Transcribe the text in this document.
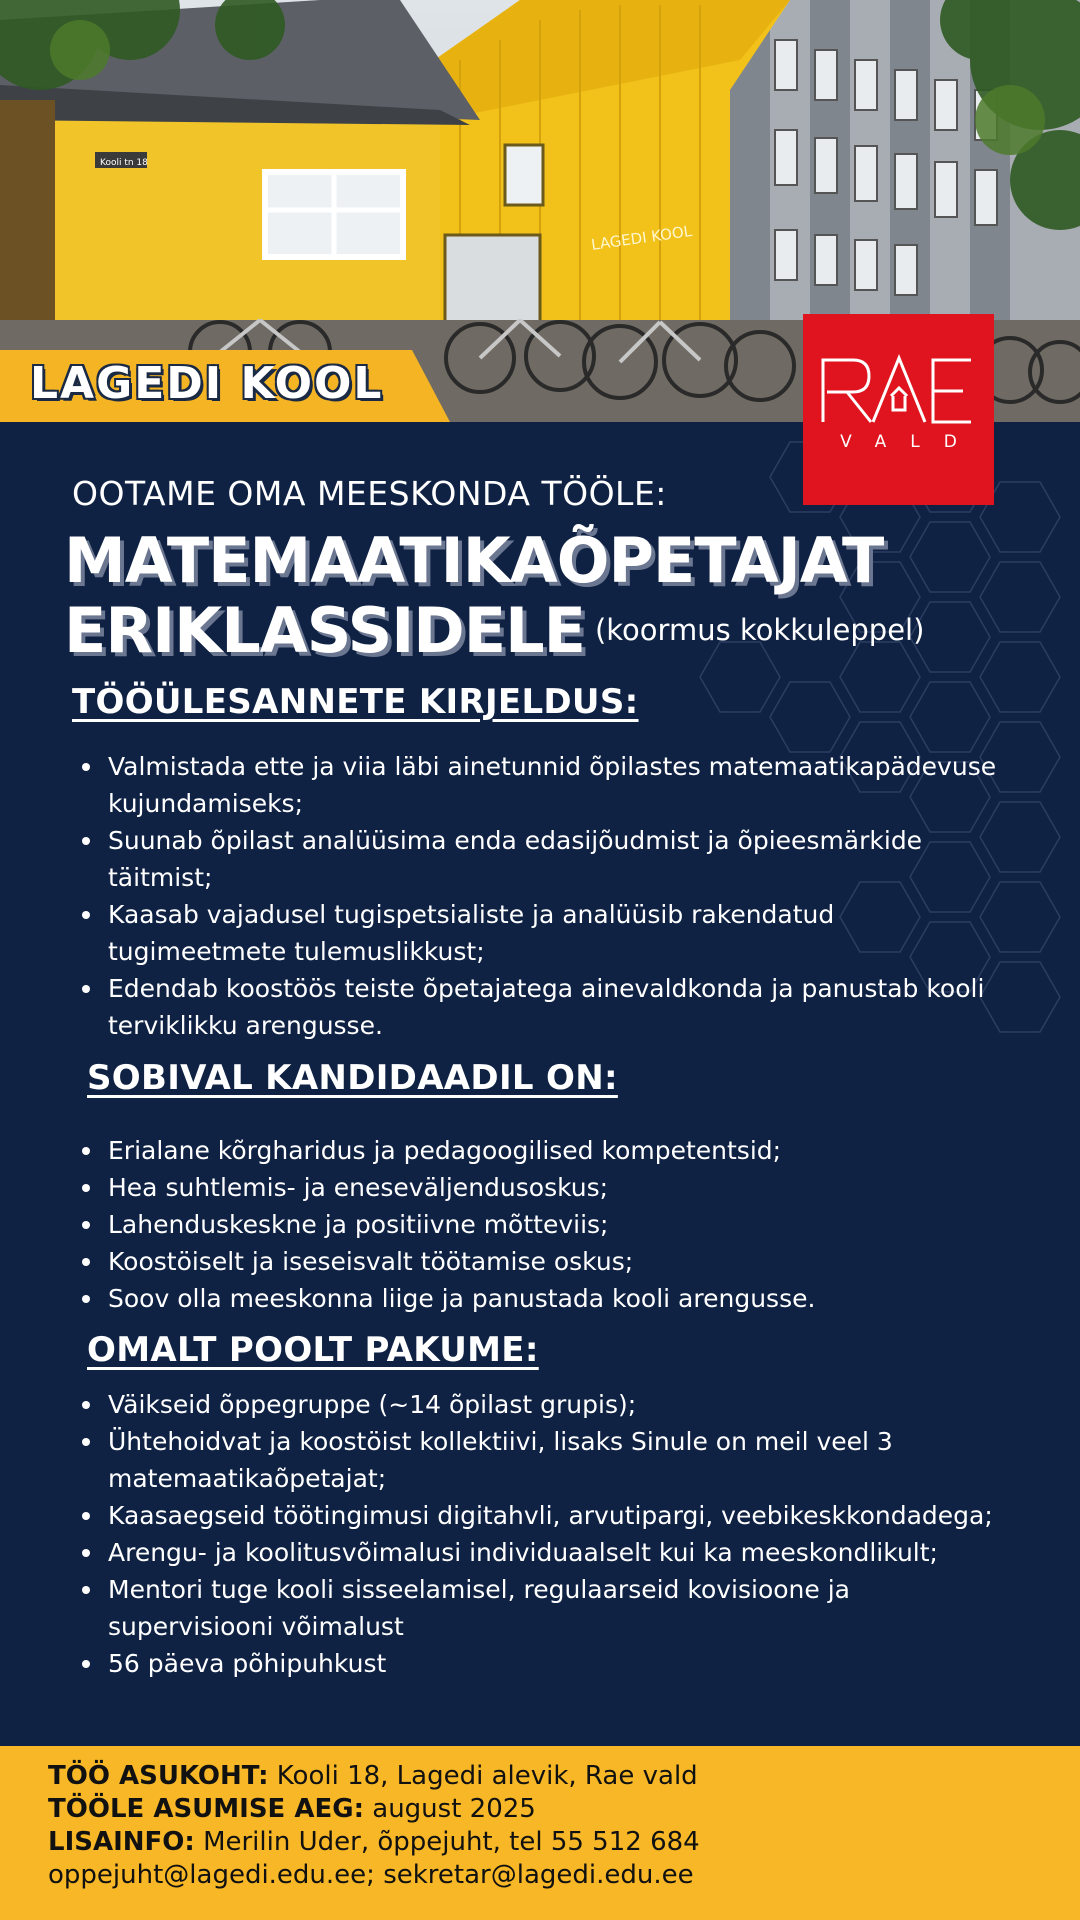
LAGEDI KOOL
Kooli tn 18
LAGEDI KOOL
VALD
OOTAME OMA MEESKONDA TÖÖLE:
MATEMAATIKAÕPETAJAT
ERIKLASSIDELE (koormus kokkuleppel)
TÖÖÜLESANNETE KIRJELDUS:
Valmistada ette ja viia läbi ainetunnid õpilastes matemaatikapädevuse kujundamiseks;
Suunab õpilast analüüsima enda edasijõudmist ja õpieesmärkide täitmist;
Kaasab vajadusel tugispetsialiste ja analüüsib rakendatud tugimeetmete tulemuslikkust;
Edendab koostöös teiste õpetajatega ainevaldkonda ja panustab kooli terviklikku arengusse.
SOBIVAL KANDIDAADIL ON:
Erialane kõrgharidus ja pedagoogilised kompetentsid;
Hea suhtlemis- ja eneseväljendusoskus;
Lahenduskeskne ja positiivne mõtteviis;
Koostöiselt ja iseseisvalt töötamise oskus;
Soov olla meeskonna liige ja panustada kooli arengusse.
OMALT POOLT PAKUME:
Väikseid õppegruppe (~14 õpilast grupis);
Ühtehoidvat ja koostöist kollektiivi, lisaks Sinule on meil veel 3 matemaatikaõpetajat;
Kaasaegseid töötingimusi digitahvli, arvutipargi, veebikeskkondadega;
Arengu- ja koolitusvõimalusi individuaalselt kui ka meeskondlikult;
Mentori tuge kooli sisseelamisel, regulaarseid kovisioone ja supervisiooni võimalust
56 päeva põhipuhkust
TÖÖ ASUKOHT: Kooli 18, Lagedi alevik, Rae vald
TÖÖLE ASUMISE AEG: august 2025
LISAINFO: Merilin Uder, õppejuht, tel 55 512 684
oppejuht@lagedi.edu.ee; sekretar@lagedi.edu.ee
